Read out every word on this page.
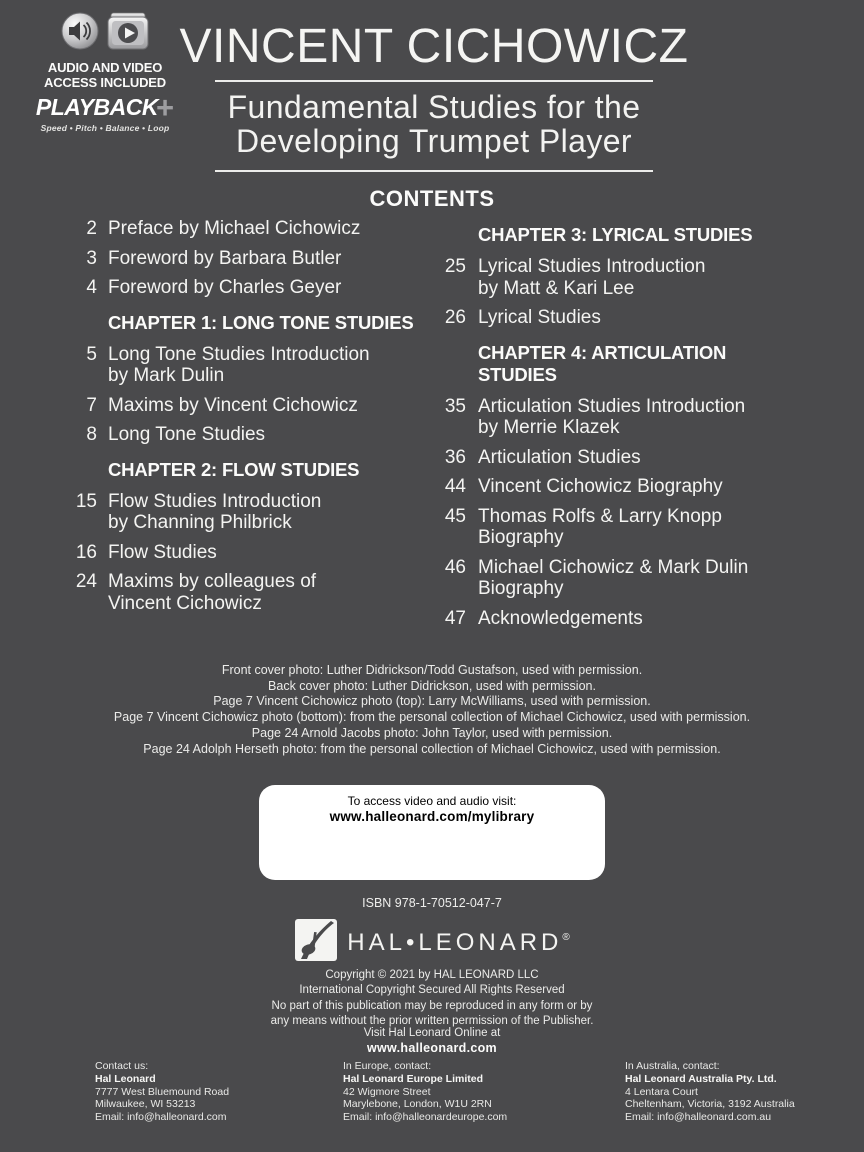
AUDIO AND VIDEO
ACCESS INCLUDED
PLAYBACK+
Speed • Pitch • Balance • Loop
VINCENT CICHOWICZ
Fundamental Studies for the
Developing Trumpet Player
CONTENTS
2 Preface by Michael Cichowicz
3 Foreword by Barbara Butler
4 Foreword by Charles Geyer
CHAPTER 1: LONG TONE STUDIES
5 Long Tone Studies Introduction
by Mark Dulin
7 Maxims by Vincent Cichowicz
8 Long Tone Studies
CHAPTER 2: FLOW STUDIES
15 Flow Studies Introduction
by Channing Philbrick
16 Flow Studies
24 Maxims by colleagues of
Vincent Cichowicz
CHAPTER 3: LYRICAL STUDIES
25 Lyrical Studies Introduction
by Matt & Kari Lee
26 Lyrical Studies
CHAPTER 4: ARTICULATION STUDIES
35 Articulation Studies Introduction
by Merrie Klazek
36 Articulation Studies
44 Vincent Cichowicz Biography
45 Thomas Rolfs & Larry Knopp
Biography
46 Michael Cichowicz & Mark Dulin
Biography
47 Acknowledgements
Front cover photo: Luther Didrickson/Todd Gustafson, used with permission.
Back cover photo: Luther Didrickson, used with permission.
Page 7 Vincent Cichowicz photo (top): Larry McWilliams, used with permission.
Page 7 Vincent Cichowicz photo (bottom): from the personal collection of Michael Cichowicz, used with permission.
Page 24 Arnold Jacobs photo: John Taylor, used with permission.
Page 24 Adolph Herseth photo: from the personal collection of Michael Cichowicz, used with permission.
To access video and audio visit:
www.halleonard.com/mylibrary
ISBN 978-1-70512-047-7
HAL•LEONARD®
Copyright © 2021 by HAL LEONARD LLC
International Copyright Secured All Rights Reserved
No part of this publication may be reproduced in any form or by
any means without the prior written permission of the Publisher.
Visit Hal Leonard Online at
www.halleonard.com
Contact us:
Hal Leonard
7777 West Bluemound Road
Milwaukee, WI 53213
Email: info@halleonard.com
In Europe, contact:
Hal Leonard Europe Limited
42 Wigmore Street
Marylebone, London, W1U 2RN
Email: info@halleonardeurope.com
In Australia, contact:
Hal Leonard Australia Pty. Ltd.
4 Lentara Court
Cheltenham, Victoria, 3192 Australia
Email: info@halleonard.com.au
